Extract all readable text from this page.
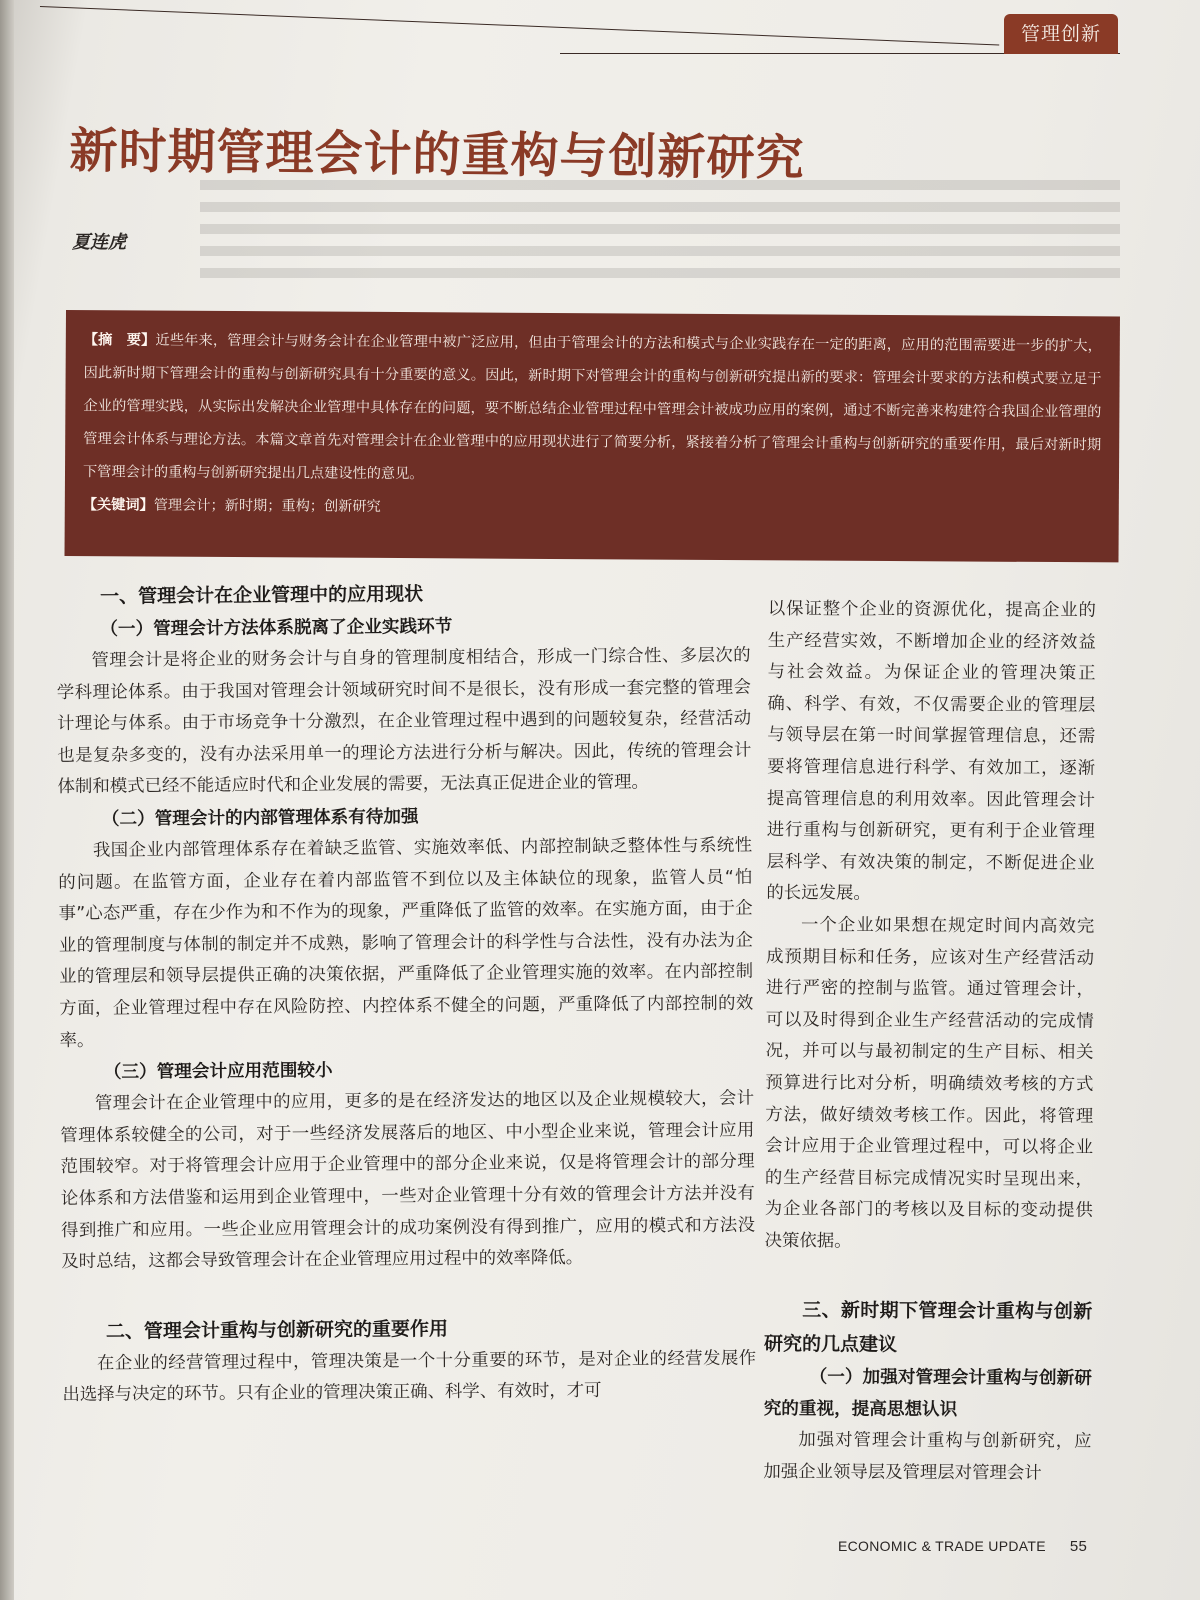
管理创新
新时期管理会计的重构与创新研究
夏连虎

【摘　要】近些年来，管理会计与财务会计在企业管理中被广泛应用，但由于管理会计的方法和模式与企业实践存在一定的距离，应用的范围需要进一步的扩大，因此新时期下管理会计的重构与创新研究具有十分重要的意义。因此，新时期下对管理会计的重构与创新研究提出新的要求：管理会计要求的方法和模式要立足于企业的管理实践，从实际出发解决企业管理中具体存在的问题，要不断总结企业管理过程中管理会计被成功应用的案例，通过不断完善来构建符合我国企业管理的管理会计体系与理论方法。本篇文章首先对管理会计在企业管理中的应用现状进行了简要分析，紧接着分析了管理会计重构与创新研究的重要作用，最后对新时期下管理会计的重构与创新研究提出几点建设性的意见。

【关键词】管理会计；新时期；重构；创新研究

一、管理会计在企业管理中的应用现状
（一）管理会计方法体系脱离了企业实践环节

管理会计是将企业的财务会计与自身的管理制度相结合，形成一门综合性、多层次的学科理论体系。由于我国对管理会计领域研究时间不是很长，没有形成一套完整的管理会计理论与体系。由于市场竞争十分激烈，在企业管理过程中遇到的问题较复杂，经营活动也是复杂多变的，没有办法采用单一的理论方法进行分析与解决。因此，传统的管理会计体制和模式已经不能适应时代和企业发展的需要，无法真正促进企业的管理。

（二）管理会计的内部管理体系有待加强

我国企业内部管理体系存在着缺乏监管、实施效率低、内部控制缺乏整体性与系统性的问题。在监管方面，企业存在着内部监管不到位以及主体缺位的现象，监管人员“怕事”心态严重，存在少作为和不作为的现象，严重降低了监管的效率。在实施方面，由于企业的管理制度与体制的制定并不成熟，影响了管理会计的科学性与合法性，没有办法为企业的管理层和领导层提供正确的决策依据，严重降低了企业管理实施的效率。在内部控制方面，企业管理过程中存在风险防控、内控体系不健全的问题，严重降低了内部控制的效率。

（三）管理会计应用范围较小

管理会计在企业管理中的应用，更多的是在经济发达的地区以及企业规模较大，会计管理体系较健全的公司，对于一些经济发展落后的地区、中小型企业来说，管理会计应用范围较窄。对于将管理会计应用于企业管理中的部分企业来说，仅是将管理会计的部分理论体系和方法借鉴和运用到企业管理中，一些对企业管理十分有效的管理会计方法并没有得到推广和应用。一些企业应用管理会计的成功案例没有得到推广，应用的模式和方法没及时总结，这都会导致管理会计在企业管理应用过程中的效率降低。

二、管理会计重构与创新研究的重要作用

在企业的经营管理过程中，管理决策是一个十分重要的环节，是对企业的经营发展作出选择与决定的环节。只有企业的管理决策正确、科学、有效时，才可

以保证整个企业的资源优化，提高企业的生产经营实效，不断增加企业的经济效益与社会效益。为保证企业的管理决策正确、科学、有效，不仅需要企业的管理层与领导层在第一时间掌握管理信息，还需要将管理信息进行科学、有效加工，逐渐提高管理信息的利用效率。因此管理会计进行重构与创新研究，更有利于企业管理层科学、有效决策的制定，不断促进企业的长远发展。

一个企业如果想在规定时间内高效完成预期目标和任务，应该对生产经营活动进行严密的控制与监管。通过管理会计，可以及时得到企业生产经营活动的完成情况，并可以与最初制定的生产目标、相关预算进行比对分析，明确绩效考核的方式方法，做好绩效考核工作。因此，将管理会计应用于企业管理过程中，可以将企业的生产经营目标完成情况实时呈现出来，为企业各部门的考核以及目标的变动提供决策依据。

三、新时期下管理会计重构与创新研究的几点建议
（一）加强对管理会计重构与创新研究的重视，提高思想认识

加强对管理会计重构与创新研究，应加强企业领导层及管理层对管理会计

ECONOMIC & TRADE UPDATE 55
